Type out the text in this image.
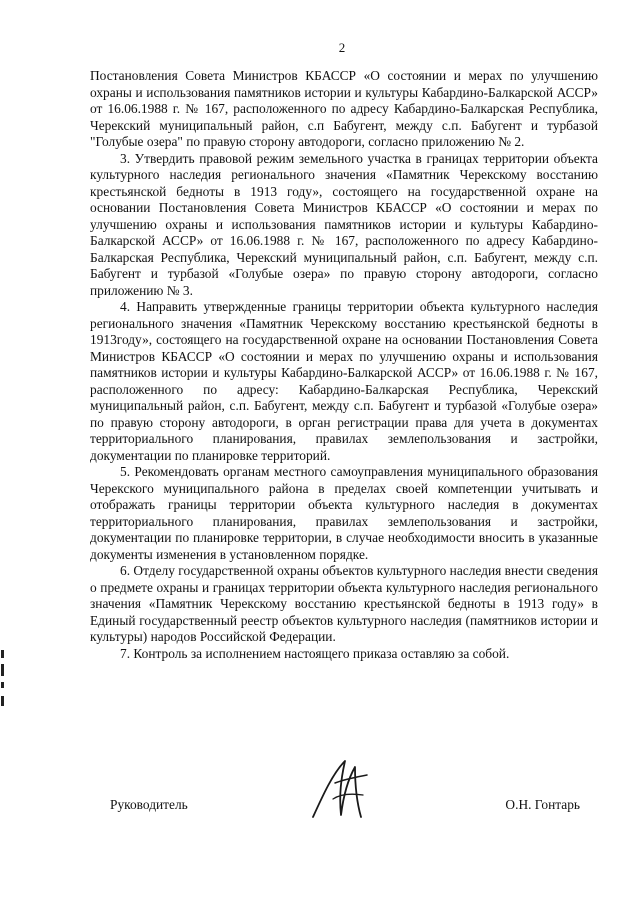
2

Постановления Совета Министров КБАССР «О состоянии и мерах по улучшению охраны и использования памятников истории и культуры Кабардино-Балкарской АССР» от 16.06.1988 г. № 167, расположенного по адресу Кабардино-Балкарская Республика, Черекский муниципальный район, с.п Бабугент, между с.п. Бабугент и турбазой "Голубые озера" по правую сторону автодороги, согласно приложению № 2.

3. Утвердить правовой режим земельного участка в границах территории объекта культурного наследия регионального значения «Памятник Черекскому восстанию крестьянской бедноты в 1913 году», состоящего на государственной охране на основании Постановления Совета Министров КБАССР «О состоянии и мерах по улучшению охраны и использования памятников истории и культуры Кабардино-Балкарской АССР» от 16.06.1988 г. № 167, расположенного по адресу Кабардино-Балкарская Республика, Черекский муниципальный район, с.п. Бабугент, между с.п. Бабугент и турбазой «Голубые озера» по правую сторону автодороги, согласно приложению № 3.

4. Направить утвержденные границы территории объекта культурного наследия регионального значения «Памятник Черекскому восстанию крестьянской бедноты в 1913году», состоящего на государственной охране на основании Постановления Совета Министров КБАССР «О состоянии и мерах по улучшению охраны и использования памятников истории и культуры Кабардино-Балкарской АССР» от 16.06.1988 г. № 167, расположенного по адресу: Кабардино-Балкарская Республика, Черекский муниципальный район, с.п. Бабугент, между с.п. Бабугент и турбазой «Голубые озера» по правую сторону автодороги, в орган регистрации права для учета в документах территориального планирования, правилах землепользования и застройки, документации по планировке территорий.

5. Рекомендовать органам местного самоуправления муниципального образования Черекского муниципального района в пределах своей компетенции учитывать и отображать границы территории объекта культурного наследия в документах территориального планирования, правилах землепользования и застройки, документации по планировке территории, в случае необходимости вносить в указанные документы изменения в установленном порядке.

6. Отделу государственной охраны объектов культурного наследия внести сведения о предмете охраны и границах территории объекта культурного наследия регионального значения «Памятник Черекскому восстанию крестьянской бедноты в 1913 году» в Единый государственный реестр объектов культурного наследия (памятников истории и культуры) народов Российской Федерации.

7. Контроль за исполнением настоящего приказа оставляю за собой.

Руководитель	О.Н. Гонтарь
